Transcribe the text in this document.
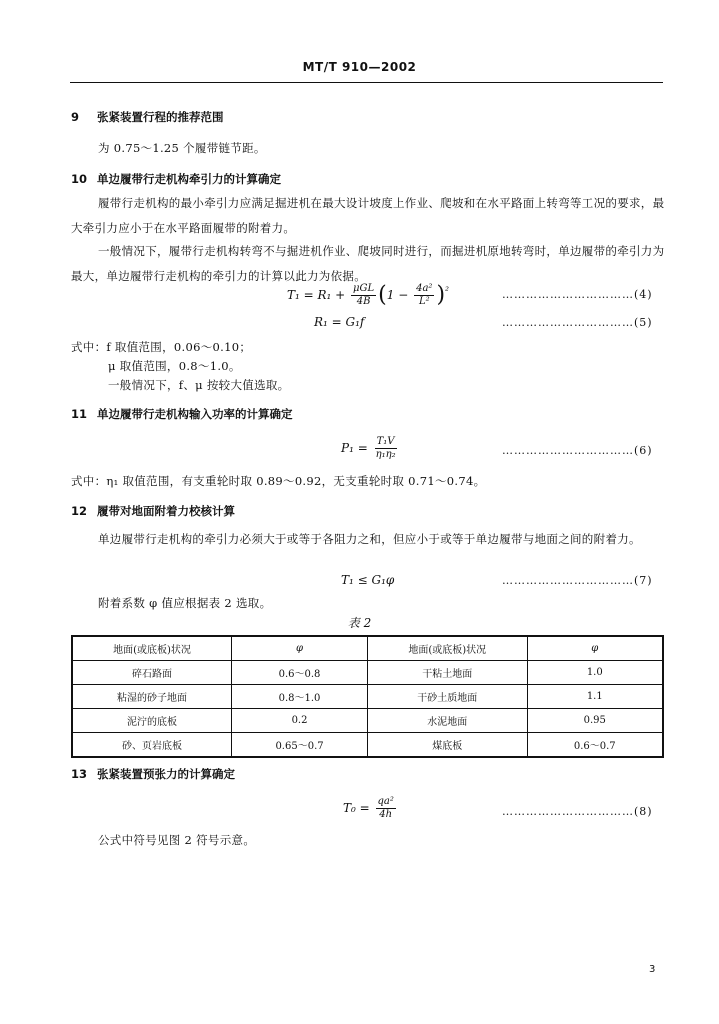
MT/T 910—2002
9 张紧装置行程的推荐范围
为 0.75～1.25 个履带链节距。
10 单边履带行走机构牵引力的计算确定
履带行走机构的最小牵引力应满足掘进机在最大设计坡度上作业、爬坡和在水平路面上转弯等工况的要求，最大牵引力应小于在水平路面履带的附着力。
一般情况下，履带行走机构转弯不与掘进机作业、爬坡同时进行，而掘进机原地转弯时，单边履带的牵引力为最大，单边履带行走机构的牵引力的计算以此力为依据。
$T_1 = R_1 + \frac{\text{μGL}}{4B} (1 - \frac{\text{4a²}}{\text{L²}} )^{^2}$	……………………………(4)
R₁ = G₁f	……………………………(5)
式中：f 取值范围，0.06～0.10；
μ 取值范围，0.8～1.0。
一般情况下，f、μ 按较大值选取。
11 单边履带行走机构输入功率的计算确定
$P_1 = \frac{\text{T₁V}}{\text{η₁η₂}}$	……………………………(6)
式中：η₁ 取值范围，有支重轮时取 0.89～0.92，无支重轮时取 0.71～0.74。
12 履带对地面附着力校核计算
单边履带行走机构的牵引力必须大于或等于各阻力之和，但应小于或等于单边履带与地面之间的附着力。
T₁ ≤ G₁φ	……………………………(7)
附着系数 φ 值应根据表 2 选取。
表 2
地面(或底板)状况	φ	地面(或底板)状况	φ
碎石路面	0.6～0.8	干粘土地面	1.0
粘湿的砂子地面	0.8～1.0	干砂土质地面	1.1
泥泞的底板	0.2	水泥地面	0.95
砂、页岩底板	0.65～0.7	煤底板	0.6～0.7
13 张紧装置预张力的计算确定
$T_0 = \frac{\text{qa²}}{4h}$	……………………………(8)
公式中符号见图 2 符号示意。
3
